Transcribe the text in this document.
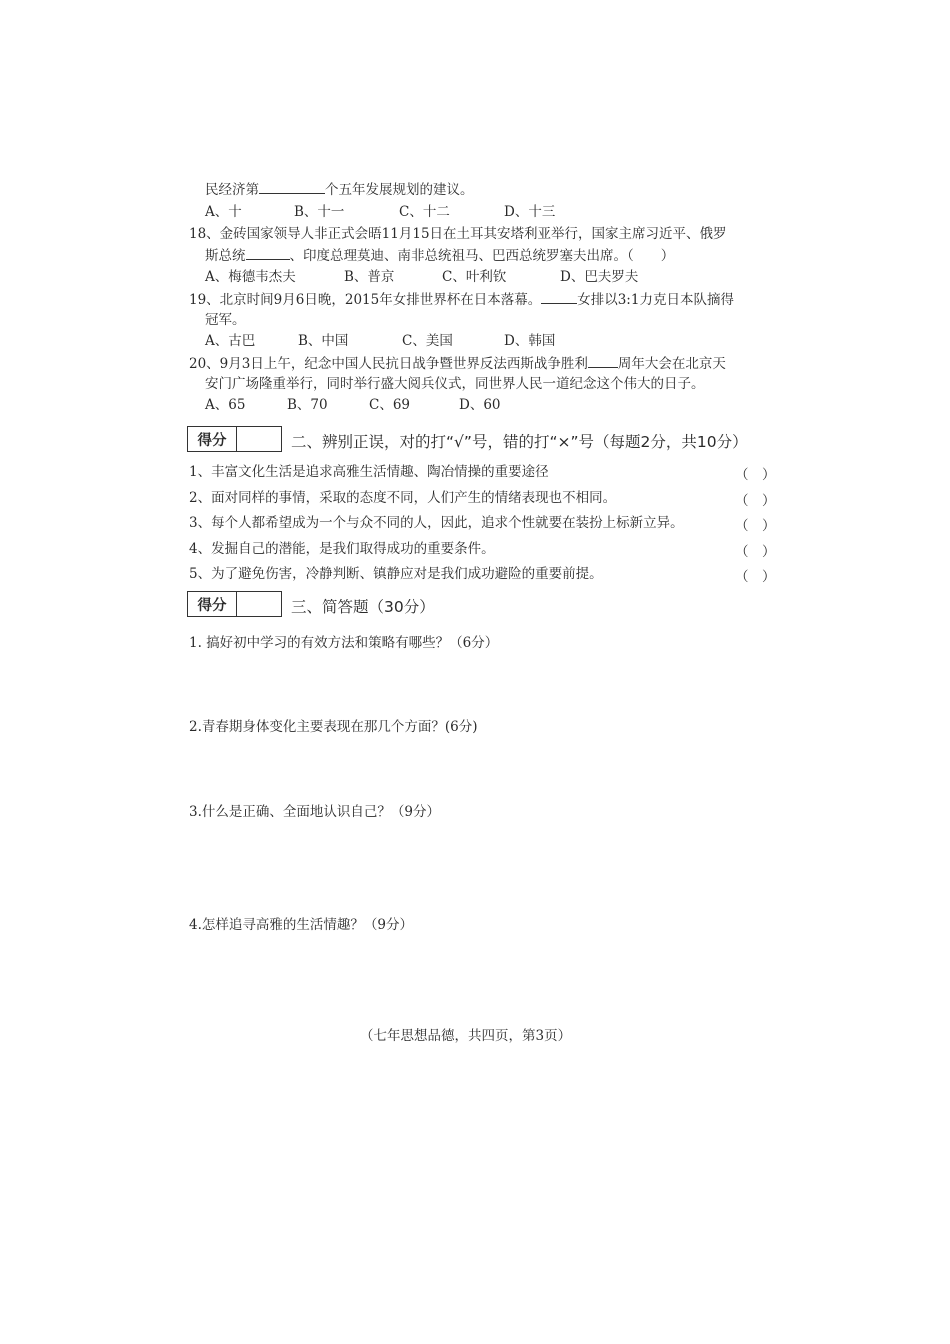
民经济第	个五年发展规划的建议。
A、十	B、十一	C、十二	D、十三
18、金砖国家领导人非正式会晤11月15日在土耳其安塔利亚举行，国家主席习近平、俄罗
斯总统	、印度总理莫迪、南非总统祖马、巴西总统罗塞夫出席。（　　）
A、梅德韦杰夫	B、普京	C、叶利钦	D、巴夫罗夫
19、北京时间9月6日晚，2015年女排世界杯在日本落幕。	女排以3:1力克日本队摘得
冠军。
A、古巴	B、中国	C、美国	D、韩国
20、9月3日上午，纪念中国人民抗日战争暨世界反法西斯战争胜利 周年大会在北京天
安门广场隆重举行，同时举行盛大阅兵仪式，同世界人民一道纪念这个伟大的日子。
A、65	B、70	C、69	D、60
得分	二、辨别正误，对的打“√”号，错的打“×”号（每题2分，共10分）
1、丰富文化生活是追求高雅生活情趣、陶冶情操的重要途径	（　）
2、面对同样的事情，采取的态度不同，人们产生的情绪表现也不相同。	（　）
3、每个人都希望成为一个与众不同的人，因此，追求个性就要在装扮上标新立异。	（　）
4、发掘自己的潜能，是我们取得成功的重要条件。	（　）
5、为了避免伤害，冷静判断、镇静应对是我们成功避险的重要前提。	（　）
得分	三、简答题（30分）
1. 搞好初中学习的有效方法和策略有哪些？（6分）
2.青春期身体变化主要表现在那几个方面？(6分)
3.什么是正确、全面地认识自己？（9分）
4.怎样追寻高雅的生活情趣？（9分）
（七年思想品德，共四页，第3页）
